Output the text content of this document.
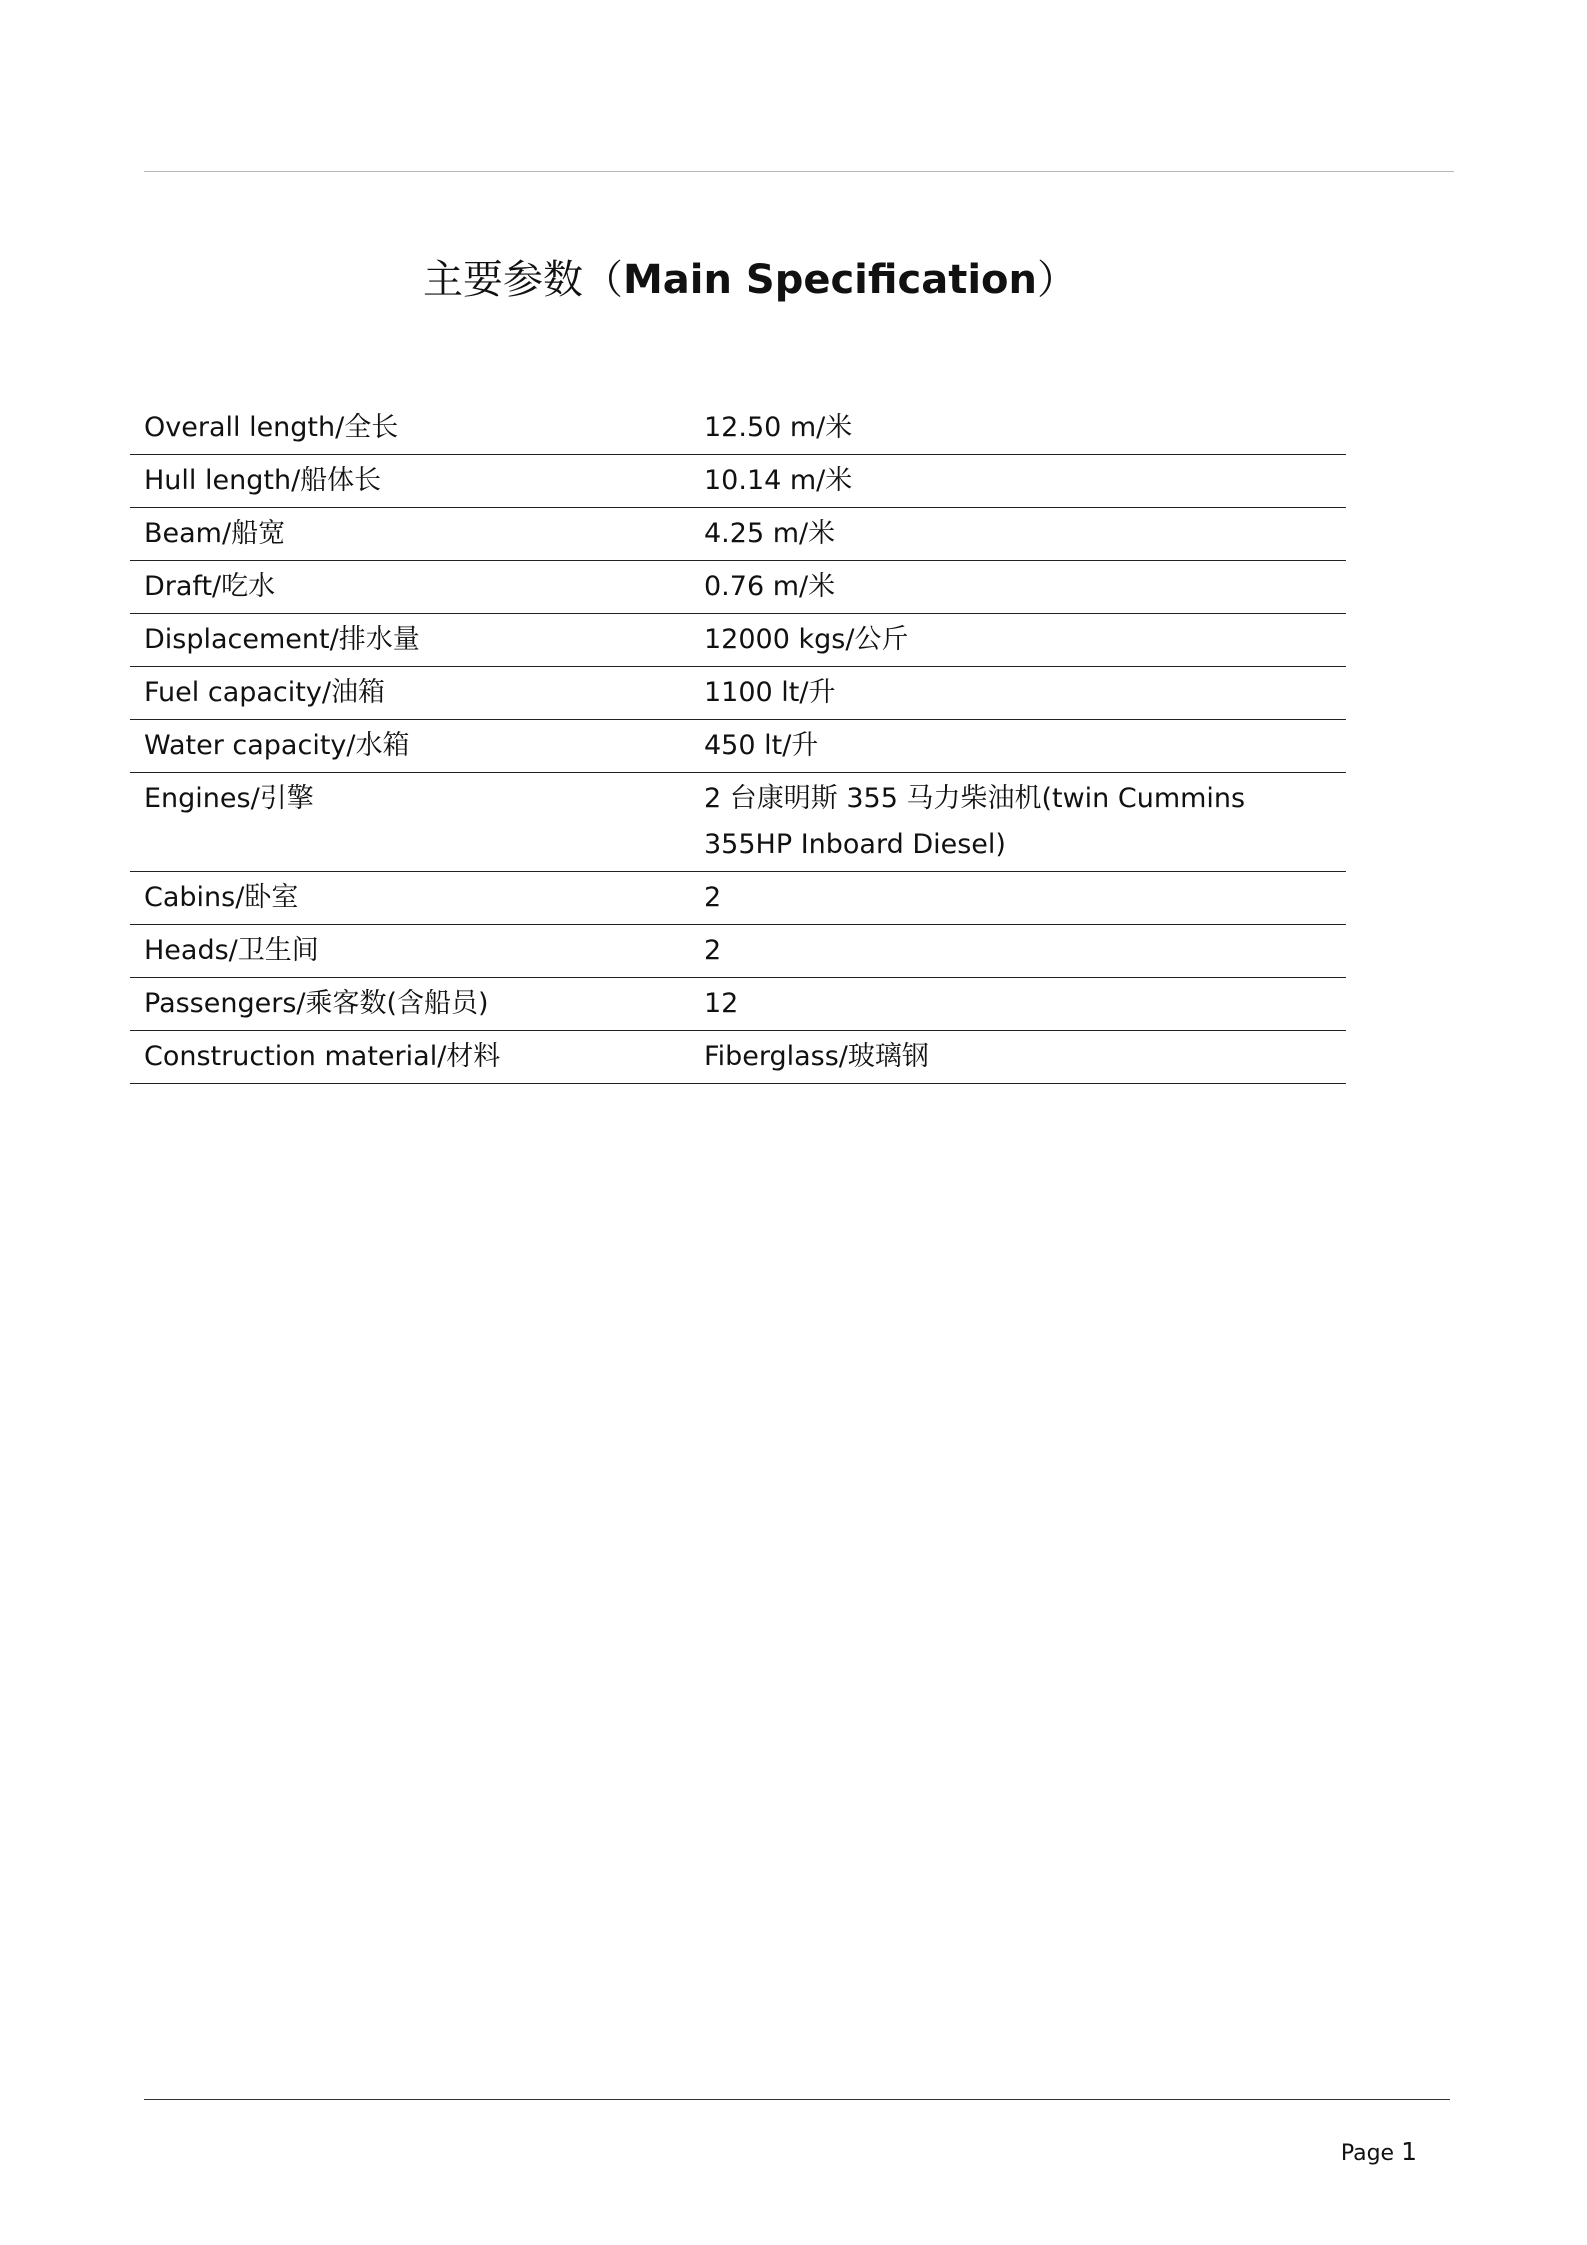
主要参数（Main Specification）
Overall length/全长	12.50 m/米
Hull length/船体长	10.14 m/米
Beam/船宽	4.25 m/米
Draft/吃水	0.76 m/米
Displacement/排水量	12000 kgs/公斤
Fuel capacity/油箱	1100 lt/升
Water capacity/水箱	450 lt/升
Engines/引擎	2 台康明斯 355 马力柴油机(twin Cummins 355HP Inboard Diesel)
Cabins/卧室	2
Heads/卫生间	2
Passengers/乘客数(含船员)	12
Construction material/材料	Fiberglass/玻璃钢
Page 1
